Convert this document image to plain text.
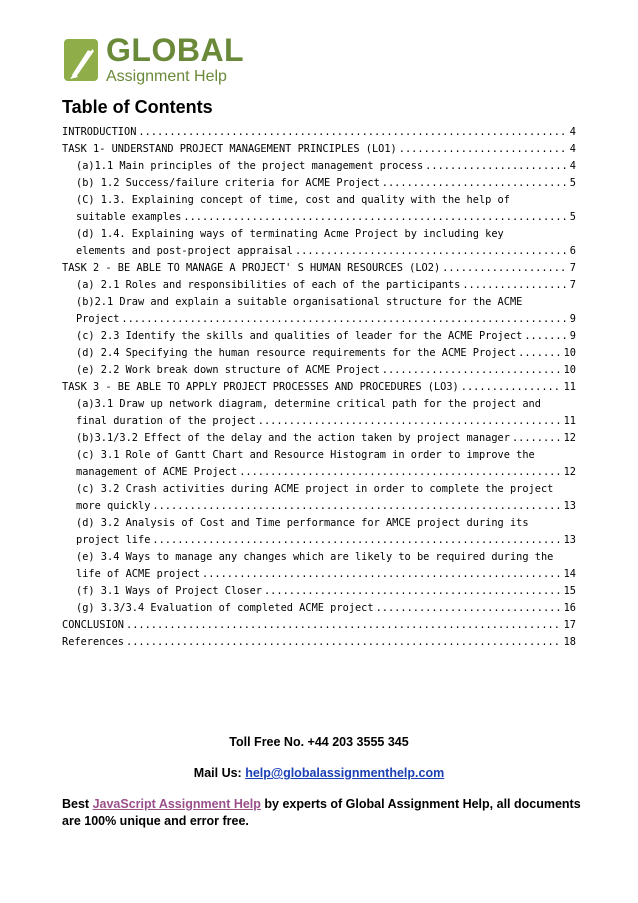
GLOBAL
Assignment Help
Table of Contents
INTRODUCTION .....	4
TASK 1- UNDERSTAND PROJECT MANAGEMENT PRINCIPLES (LO1) .....	4
(a)1.1 Main principles of the project management process .....	4
(b) 1.2 Success/failure criteria for ACME Project .....	5
(C) 1.3. Explaining concept of time, cost and quality with the help of
suitable examples .....	5
(d) 1.4. Explaining ways of terminating Acme Project by including key
elements and post-project appraisal .....	6
TASK 2 - BE ABLE TO MANAGE A PROJECT' S HUMAN RESOURCES (LO2) .....	7
(a) 2.1 Roles and responsibilities of each of the participants .....	7
(b)2.1 Draw and explain a suitable organisational structure for the ACME
Project .....	9
(c) 2.3 Identify the skills and qualities of leader for the ACME Project .....	9
(d) 2.4 Specifying the human resource requirements for the ACME Project .....	10
(e) 2.2 Work break down structure of ACME Project .....	10
TASK 3 - BE ABLE TO APPLY PROJECT PROCESSES AND PROCEDURES (LO3) .....	11
(a)3.1 Draw up network diagram, determine critical path for the project and
final duration of the project .....	11
(b)3.1/3.2 Effect of the delay and the action taken by project manager .....	12
(c) 3.1 Role of Gantt Chart and Resource Histogram in order to improve the
management of ACME Project .....	12
(c) 3.2 Crash activities during ACME project in order to complete the project
more quickly .....	13
(d) 3.2 Analysis of Cost and Time performance for AMCE project during its
project life .....	13
(e) 3.4 Ways to manage any changes which are likely to be required during the
life of ACME project .....	14
(f) 3.1 Ways of Project Closer .....	15
(g) 3.3/3.4 Evaluation of completed ACME project .....	16
CONCLUSION .....	17
References .....	18
Toll Free No. +44 203 3555 345
Mail Us: help@globalassignmenthelp.com
Best JavaScript Assignment Help by experts of Global Assignment Help, all documents are 100% unique and error free.
